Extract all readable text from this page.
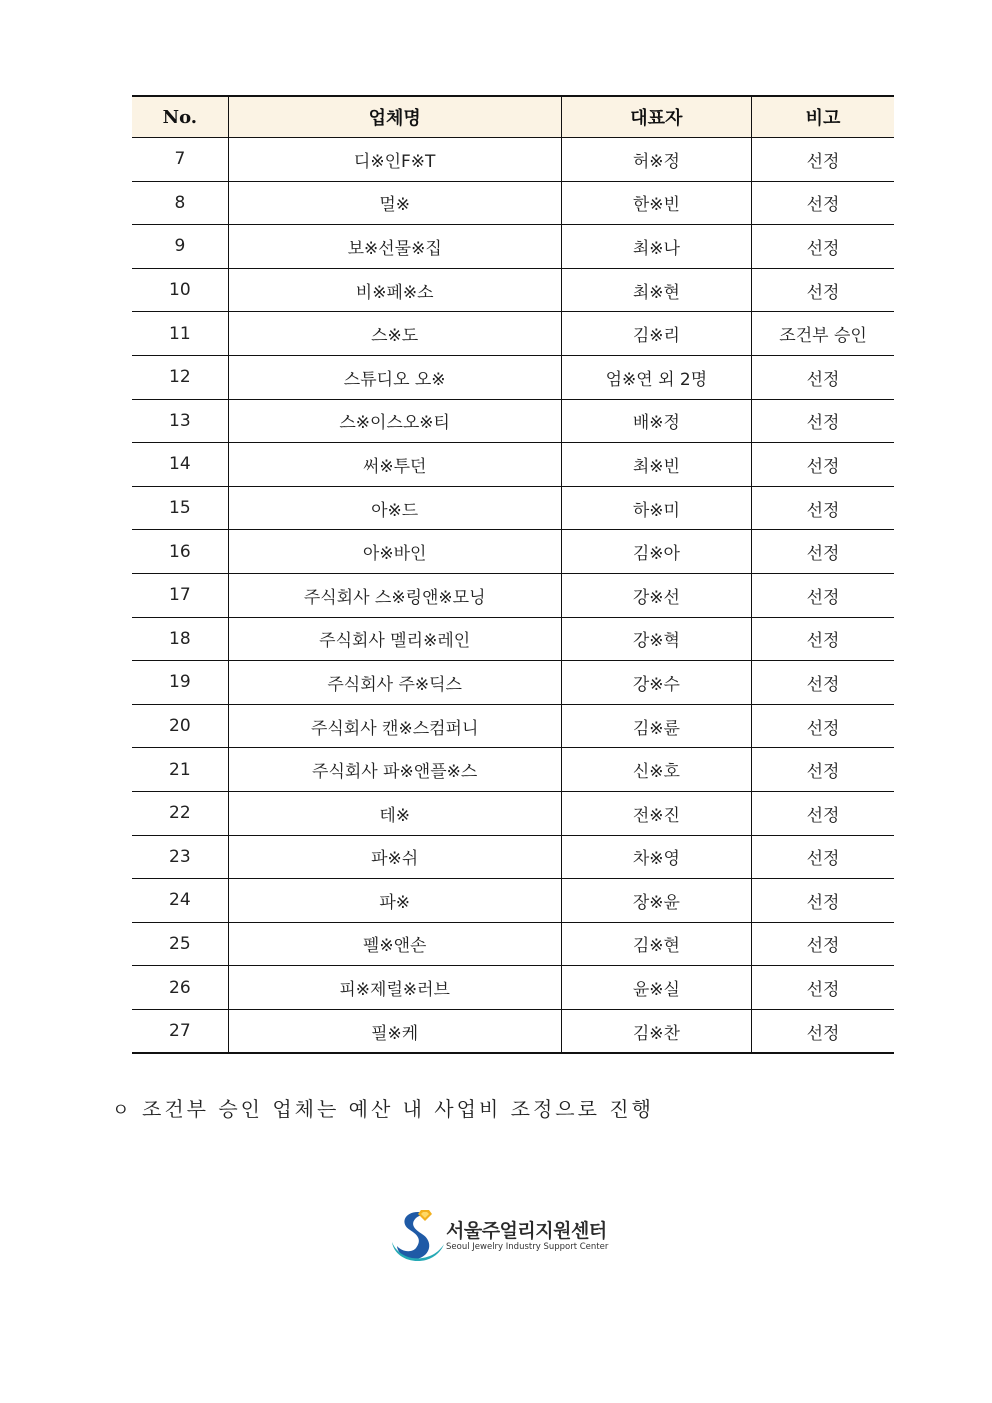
No.	업체명	대표자	비고
7	디※인F※T	허※정	선정
8	멀※	한※빈	선정
9	보※선물※집	최※나	선정
10	비※페※소	최※현	선정
11	스※도	김※리	조건부 승인
12	스튜디오 오※	엄※연 외 2명	선정
13	스※이스오※티	배※정	선정
14	써※투던	최※빈	선정
15	아※드	하※미	선정
16	아※바인	김※아	선정
17	주식회사 스※링앤※모닝	강※선	선정
18	주식회사 멜리※레인	강※혁	선정
19	주식회사 주※딕스	강※수	선정
20	주식회사 캔※스컴퍼니	김※륜	선정
21	주식회사 파※앤플※스	신※호	선정
22	테※	전※진	선정
23	파※쉬	차※영	선정
24	파※	장※윤	선정
25	펠※앤손	김※현	선정
26	피※제럴※러브	윤※실	선정
27	필※케	김※찬	선정
ㅇ 조건부 승인 업체는 예산 내 사업비 조정으로 진행
서울주얼리지원센터
Seoul Jewelry Industry Support Center
